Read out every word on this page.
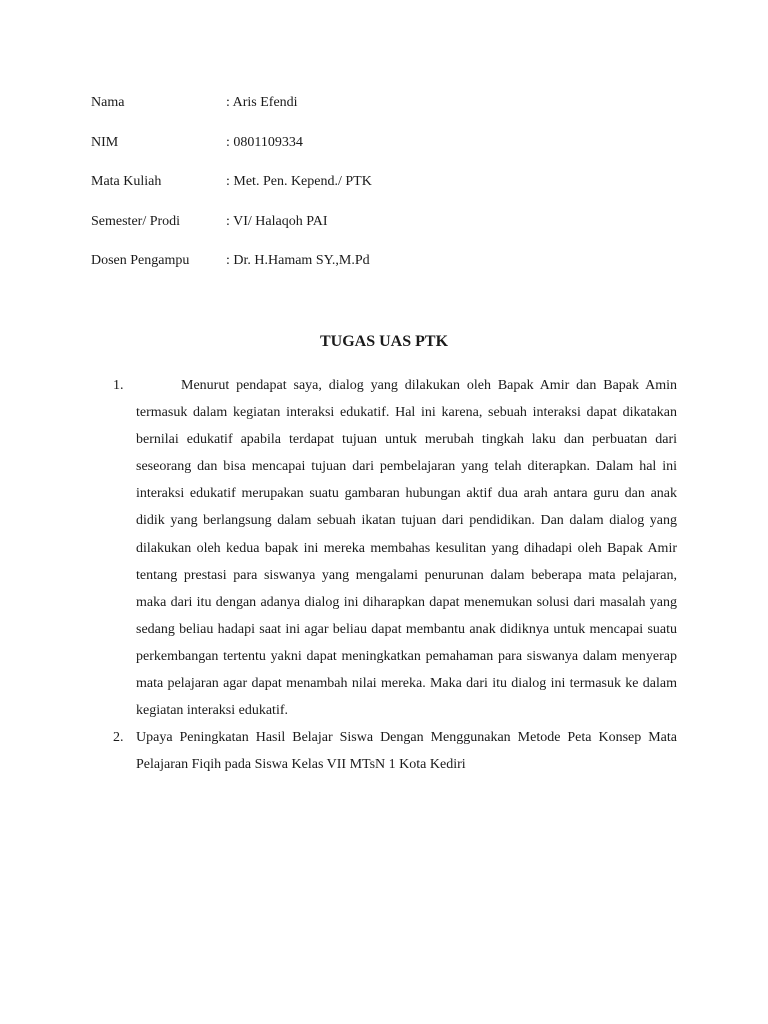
Nama	: Aris Efendi
NIM	: 0801109334
Mata Kuliah	: Met. Pen. Kepend./ PTK
Semester/ Prodi	: VI/ Halaqoh PAI
Dosen Pengampu	: Dr. H.Hamam SY.,M.Pd
TUGAS UAS PTK
1.	Menurut pendapat saya, dialog yang dilakukan oleh Bapak Amir dan Bapak Amin termasuk dalam kegiatan interaksi edukatif. Hal ini karena, sebuah interaksi dapat dikatakan bernilai edukatif apabila terdapat tujuan untuk merubah tingkah laku dan perbuatan dari seseorang dan bisa mencapai tujuan dari pembelajaran yang telah diterapkan. Dalam hal ini interaksi edukatif merupakan suatu gambaran hubungan aktif dua arah antara guru dan anak didik yang berlangsung dalam sebuah ikatan tujuan dari pendidikan. Dan dalam dialog yang dilakukan oleh kedua bapak ini mereka membahas kesulitan yang dihadapi oleh Bapak Amir tentang prestasi para siswanya yang mengalami penurunan dalam beberapa mata pelajaran, maka dari itu dengan adanya dialog ini diharapkan dapat menemukan solusi dari masalah yang sedang beliau hadapi saat ini agar beliau dapat membantu anak didiknya untuk mencapai suatu perkembangan tertentu yakni dapat meningkatkan pemahaman para siswanya dalam menyerap mata pelajaran agar dapat menambah nilai mereka. Maka dari itu dialog ini termasuk ke dalam kegiatan interaksi edukatif.
2. Upaya Peningkatan Hasil Belajar Siswa Dengan Menggunakan Metode Peta Konsep Mata Pelajaran Fiqih pada Siswa Kelas VII MTsN 1 Kota Kediri
